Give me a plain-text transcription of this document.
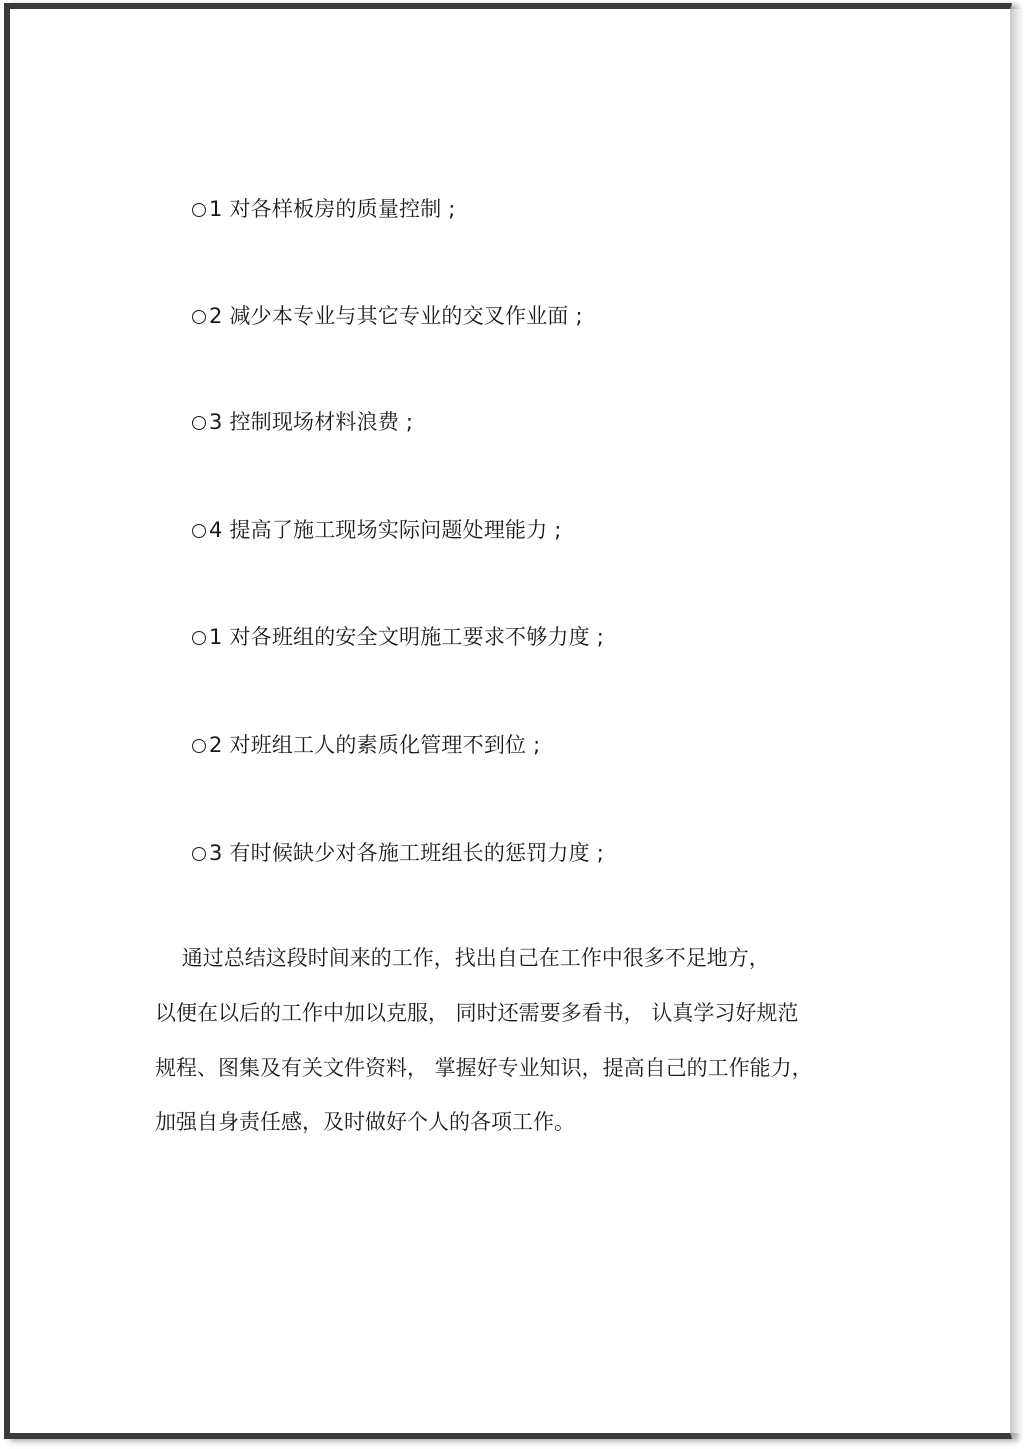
1 对各样板房的质量控制 ;
2 减少本专业与其它专业的交叉作业面 ;
3 控制现场材料浪费 ;
4 提高了施工现场实际问题处理能力 ;
1 对各班组的安全文明施工要求不够力度 ;
2 对班组工人的素质化管理不到位 ;
3 有时候缺少对各施工班组长的惩罚力度 ;
通过总结这段时间来的工作，找出自己在工作中很多不足地方，
以便在以后的工作中加以克服， 同时还需要多看书， 认真学习好规范
规程、图集及有关文件资料， 掌握好专业知识，提高自己的工作能力，
加强自身责任感，及时做好个人的各项工作。
